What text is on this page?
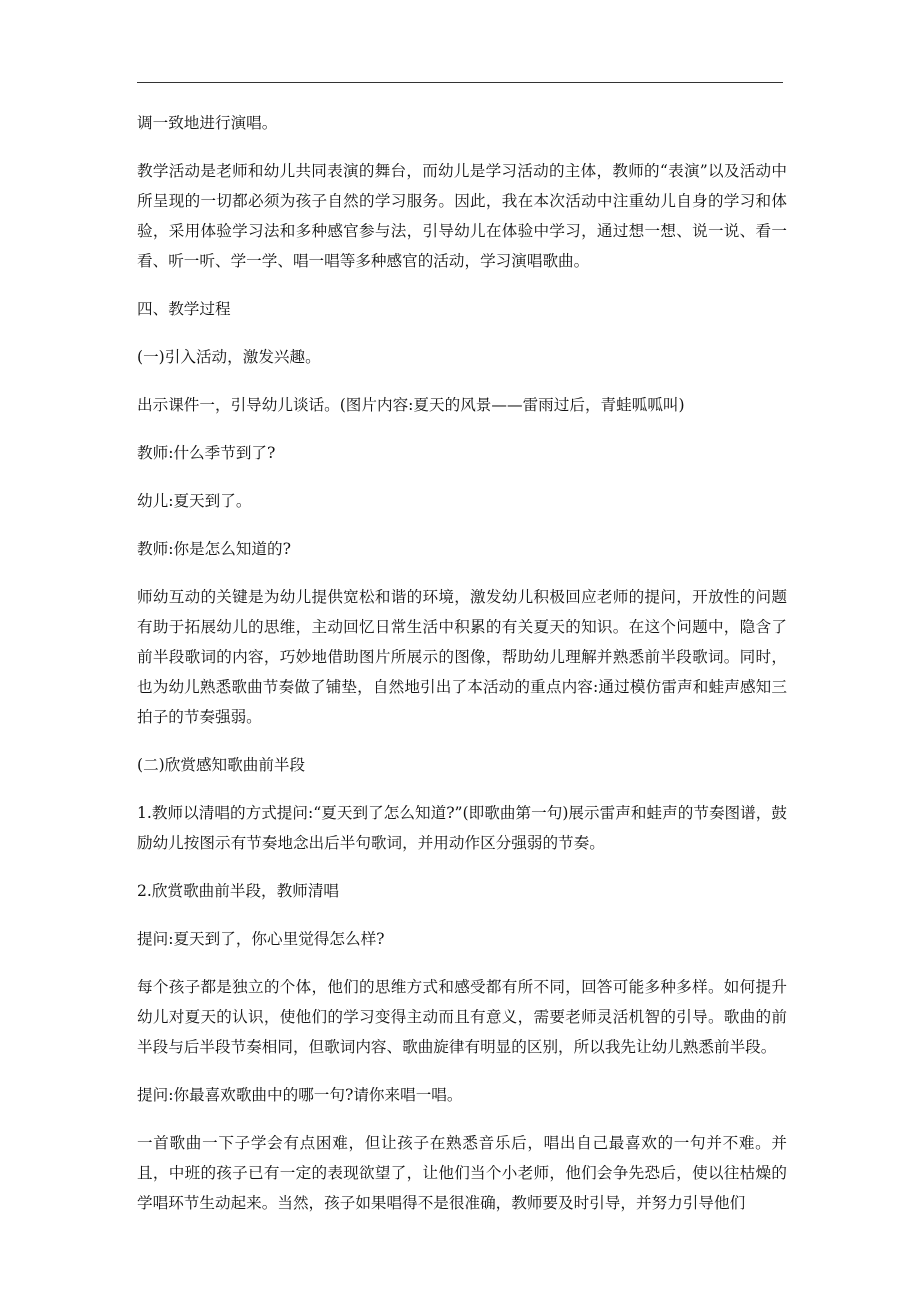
调一致地进行演唱。

教学活动是老师和幼儿共同表演的舞台，而幼儿是学习活动的主体，教师的“表演”以及活动中所呈现的一切都必须为孩子自然的学习服务。因此，我在本次活动中注重幼儿自身的学习和体验，采用体验学习法和多种感官参与法，引导幼儿在体验中学习，通过想一想、说一说、看一看、听一听、学一学、唱一唱等多种感官的活动，学习演唱歌曲。

四、教学过程

(一)引入活动，激发兴趣。

出示课件一，引导幼儿谈话。(图片内容:夏天的风景——雷雨过后，青蛙呱呱叫)

教师:什么季节到了?

幼儿:夏天到了。

教师:你是怎么知道的?

师幼互动的关键是为幼儿提供宽松和谐的环境，激发幼儿积极回应老师的提问，开放性的问题有助于拓展幼儿的思维，主动回忆日常生活中积累的有关夏天的知识。在这个问题中，隐含了前半段歌词的内容，巧妙地借助图片所展示的图像，帮助幼儿理解并熟悉前半段歌词。同时，也为幼儿熟悉歌曲节奏做了铺垫，自然地引出了本活动的重点内容:通过模仿雷声和蛙声感知三拍子的节奏强弱。

(二)欣赏感知歌曲前半段

1.教师以清唱的方式提问:“夏天到了怎么知道?”(即歌曲第一句)展示雷声和蛙声的节奏图谱，鼓励幼儿按图示有节奏地念出后半句歌词，并用动作区分强弱的节奏。

2.欣赏歌曲前半段，教师清唱

提问:夏天到了，你心里觉得怎么样?

每个孩子都是独立的个体，他们的思维方式和感受都有所不同，回答可能多种多样。如何提升幼儿对夏天的认识，使他们的学习变得主动而且有意义，需要老师灵活机智的引导。歌曲的前半段与后半段节奏相同，但歌词内容、歌曲旋律有明显的区别，所以我先让幼儿熟悉前半段。

提问:你最喜欢歌曲中的哪一句?请你来唱一唱。

一首歌曲一下子学会有点困难，但让孩子在熟悉音乐后，唱出自己最喜欢的一句并不难。并且，中班的孩子已有一定的表现欲望了，让他们当个小老师，他们会争先恐后，使以往枯燥的学唱环节生动起来。当然，孩子如果唱得不是很准确，教师要及时引导，并努力引导他们
